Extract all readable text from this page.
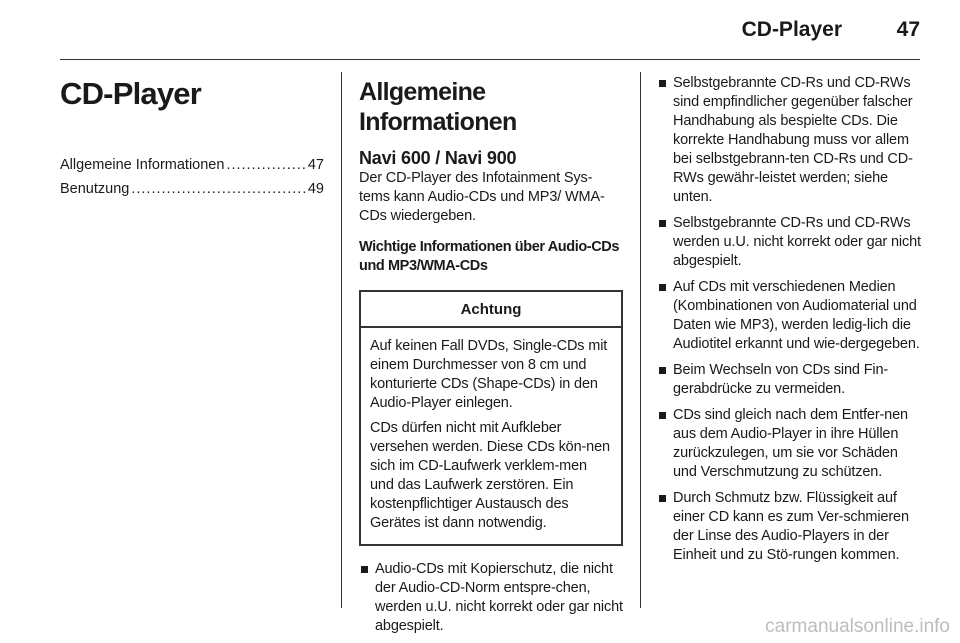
CD-Player	47
CD-Player
Allgemeine Informationen .....	47
Benutzung .....	49
Allgemeine Informationen
Navi 600 / Navi 900

Der CD-Player des Infotainment Sys-tems kann Audio-CDs und MP3/ WMA-CDs wiedergeben.

Wichtige Informationen über Audio-CDs und MP3/WMA-CDs
Achtung

Auf keinen Fall DVDs, Single-CDs mit einem Durchmesser von 8 cm und konturierte CDs (Shape-CDs) in den Audio-Player einlegen.

CDs dürfen nicht mit Aufkleber versehen werden. Diese CDs kön-nen sich im CD-Laufwerk verklem-men und das Laufwerk zerstören. Ein kostenpflichtiger Austausch des Gerätes ist dann notwendig.

Audio-CDs mit Kopierschutz, die nicht der Audio-CD-Norm entspre-chen, werden u.U. nicht korrekt oder gar nicht abgespielt.
Selbstgebrannte CD-Rs und CD-RWs sind empfindlicher gegenüber falscher Handhabung als bespielte CDs. Die korrekte Handhabung muss vor allem bei selbstgebrann-ten CD-Rs und CD-RWs gewähr-leistet werden; siehe unten.
Selbstgebrannte CD-Rs und CD-RWs werden u.U. nicht korrekt oder gar nicht abgespielt.
Auf CDs mit verschiedenen Medien (Kombinationen von Audiomaterial und Daten wie MP3), werden ledig-lich die Audiotitel erkannt und wie-dergegeben.
Beim Wechseln von CDs sind Fin-gerabdrücke zu vermeiden.
CDs sind gleich nach dem Entfer-nen aus dem Audio-Player in ihre Hüllen zurückzulegen, um sie vor Schäden und Verschmutzung zu schützen.
Durch Schmutz bzw. Flüssigkeit auf einer CD kann es zum Ver-schmieren der Linse des Audio-Players in der Einheit und zu Stö-rungen kommen.
carmanualsonline.info
